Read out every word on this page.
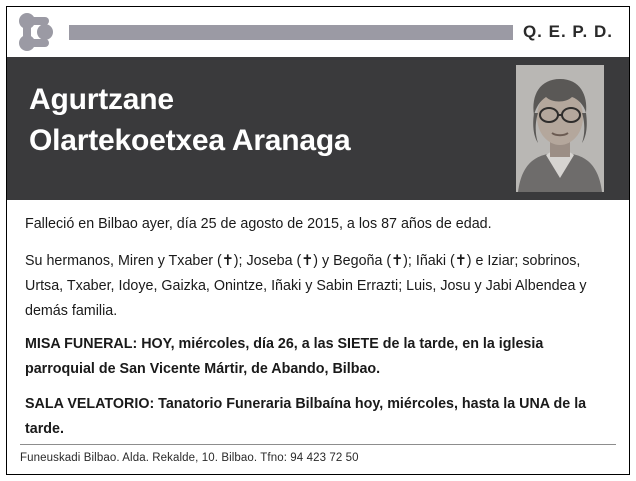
Q. E. P. D.
Agurtzane
Olartekoetxea Aranaga

Falleció en Bilbao ayer, día 25 de agosto de 2015, a los 87 años de edad.

Su hermanos, Miren y Txaber (✝); Joseba (✝) y Begoña (✝); Iñaki (✝) e Iziar; sobrinos, Urtsa, Txaber, Idoye, Gaizka, Onintze, Iñaki y Sabin Errazti; Luis, Josu y Jabi Albendea y demás familia.

MISA FUNERAL: HOY, miércoles, día 26, a las SIETE de la tarde, en la iglesia parroquial de San Vicente Mártir, de Abando, Bilbao.

SALA VELATORIO: Tanatorio Funeraria Bilbaína hoy, miércoles, hasta la UNA de la tarde.

Funeuskadi Bilbao. Alda. Rekalde, 10. Bilbao. Tfno: 94 423 72 50
